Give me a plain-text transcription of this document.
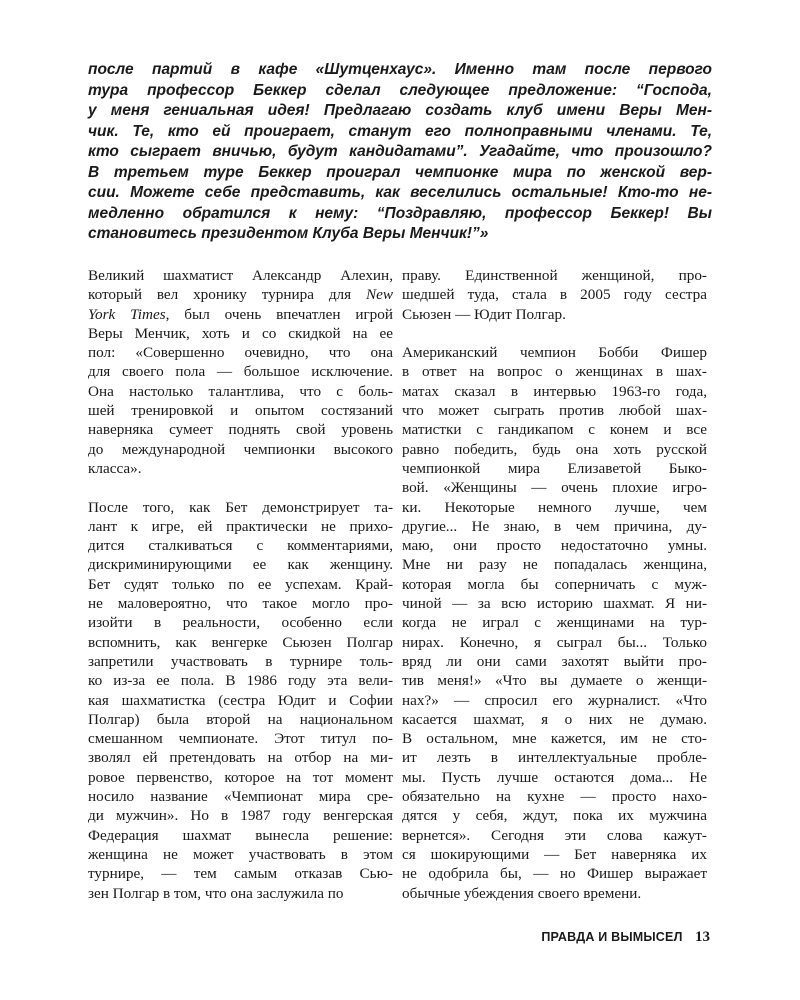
после партий в кафе «Шутценхаус». Именно там после первого
тура профессор Беккер сделал следующее предложение: “Господа,
у меня гениальная идея! Предлагаю создать клуб имени Веры Мен-
чик. Те, кто ей проиграет, станут его полноправными членами. Те,
кто сыграет вничью, будут кандидатами”. Угадайте, что произошло?
В третьем туре Беккер проиграл чемпионке мира по женской вер-
сии. Можете себе представить, как веселились остальные! Кто-то не-
медленно обратился к нему: “Поздравляю, профессор Беккер! Вы
становитесь президентом Клуба Веры Менчик!”»
Великий шахматист Александр Алехин,
который вел хронику турнира для New
York Times, был очень впечатлен игрой
Веры Менчик, хоть и со скидкой на ее
пол: «Совершенно очевидно, что она
для своего пола — большое исключение.
Она настолько талантлива, что с боль-
шей тренировкой и опытом состязаний
наверняка сумеет поднять свой уровень
до международной чемпионки высокого
класса».
После того, как Бет демонстрирует та-
лант к игре, ей практически не прихо-
дится сталкиваться с комментариями,
дискриминирующими ее как женщину.
Бет судят только по ее успехам. Край-
не маловероятно, что такое могло про-
изойти в реальности, особенно если
вспомнить, как венгерке Сьюзен Полгар
запретили участвовать в турнире толь-
ко из-за ее пола. В 1986 году эта вели-
кая шахматистка (сестра Юдит и Софии
Полгар) была второй на национальном
смешанном чемпионате. Этот титул по-
зволял ей претендовать на отбор на ми-
ровое первенство, которое на тот момент
носило название «Чемпионат мира сре-
ди мужчин». Но в 1987 году венгерская
Федерация шахмат вынесла решение:
женщина не может участвовать в этом
турнире, — тем самым отказав Сью-
зен Полгар в том, что она заслужила по
праву. Единственной женщиной, про-
шедшей туда, стала в 2005 году сестра
Сьюзен — Юдит Полгар.
Американский чемпион Бобби Фишер
в ответ на вопрос о женщинах в шах-
матах сказал в интервью 1963-го года,
что может сыграть против любой шах-
матистки с гандикапом с конем и все
равно победить, будь она хоть русской
чемпионкой мира Елизаветой Быко-
вой. «Женщины — очень плохие игро-
ки. Некоторые немного лучше, чем
другие... Не знаю, в чем причина, ду-
маю, они просто недостаточно умны.
Мне ни разу не попадалась женщина,
которая могла бы соперничать с муж-
чиной — за всю историю шахмат. Я ни-
когда не играл с женщинами на тур-
нирах. Конечно, я сыграл бы... Только
вряд ли они сами захотят выйти про-
тив меня!» «Что вы думаете о женщи-
нах?» — спросил его журналист. «Что
касается шахмат, я о них не думаю.
В остальном, мне кажется, им не сто-
ит лезть в интеллектуальные пробле-
мы. Пусть лучше остаются дома... Не
обязательно на кухне — просто нахо-
дятся у себя, ждут, пока их мужчина
вернется». Сегодня эти слова кажут-
ся шокирующими — Бет наверняка их
не одобрила бы, — но Фишер выражает
обычные убеждения своего времени.
ПРАВДА И ВЫМЫСЕЛ 13
